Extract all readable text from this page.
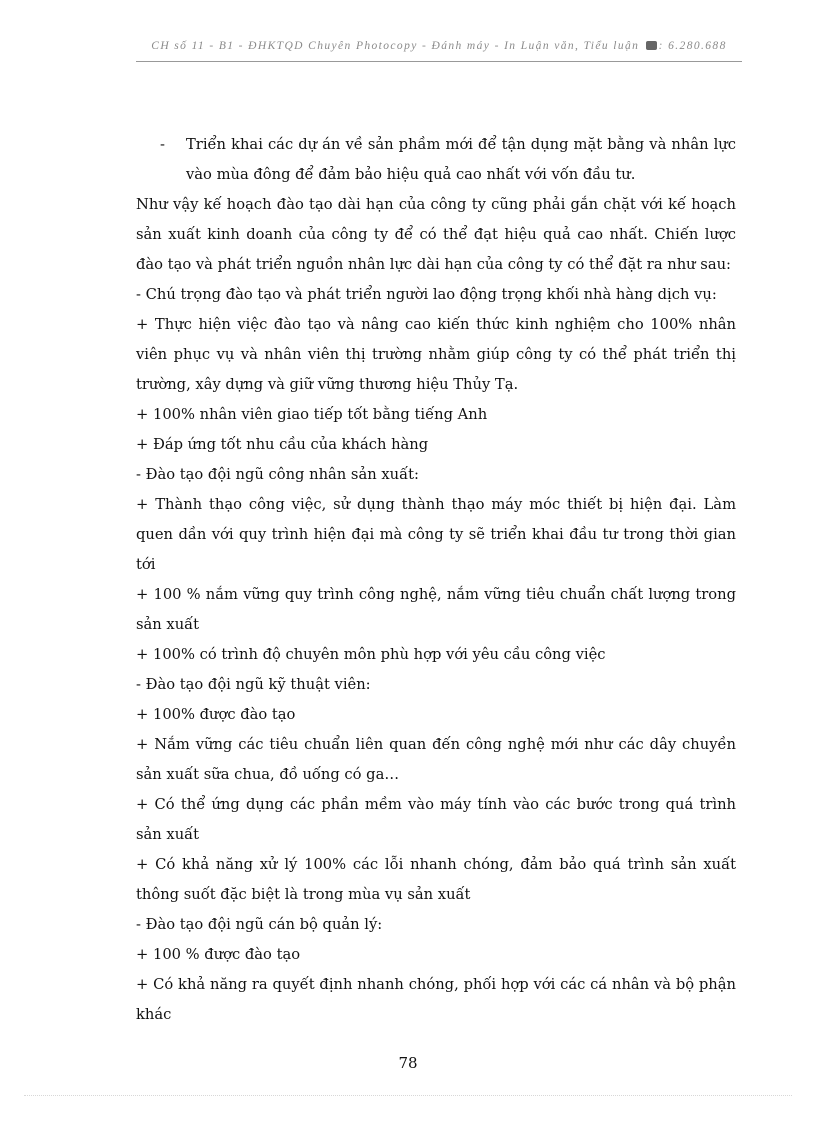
CH số 11 - B1 - ĐHKTQD Chuyên Photocopy - Đánh máy - In Luận văn, Tiểu luận : 6.280.688
-	Triển khai các dự án về sản phầm mới để tận dụng mặt bằng và nhân lực vào mùa đông để đảm bảo hiệu quả cao nhất với vốn đầu tư.

Như vậy kế hoạch đào tạo dài hạn của công ty cũng phải gắn chặt với kế hoạch sản xuất kinh doanh của công ty để có thể đạt hiệu quả cao nhất. Chiến lược đào tạo và phát triển nguồn nhân lực dài hạn của công ty có thể đặt ra như sau:

- Chú trọng đào tạo và phát triển người lao động trọng khối nhà hàng dịch vụ:

+ Thực hiện việc đào tạo và nâng cao kiến thức kinh nghiệm cho 100% nhân viên phục vụ và nhân viên thị trường nhằm giúp công ty có thể phát triển thị trường, xây dựng và giữ vững thương hiệu Thủy Tạ.

+ 100% nhân viên giao tiếp tốt bằng tiếng Anh

+ Đáp ứng tốt nhu cầu của khách hàng

- Đào tạo đội ngũ công nhân sản xuất:

+ Thành thạo công việc, sử dụng thành thạo máy móc thiết bị hiện đại. Làm quen dần với quy trình hiện đại mà công ty sẽ triển khai đầu tư trong thời gian tới

+ 100 % nắm vững quy trình công nghệ, nắm vững tiêu chuẩn chất lượng trong sản xuất

+ 100% có trình độ chuyên môn phù hợp với yêu cầu công việc

- Đào tạo đội ngũ kỹ thuật viên:

+ 100% được đào tạo

+ Nắm vững các tiêu chuẩn liên quan đến công nghệ mới như các dây chuyền sản xuất sữa chua, đồ uống có ga…

+ Có thể ứng dụng các phần mềm vào máy tính vào các bước trong quá trình sản xuất

+ Có khả năng xử lý 100% các lỗi nhanh chóng, đảm bảo quá trình sản xuất thông suốt đặc biệt là trong mùa vụ sản xuất

- Đào tạo đội ngũ cán bộ quản lý:

+ 100 % được đào tạo

+ Có khả năng ra quyết định nhanh chóng, phối hợp với các cá nhân và bộ phận khác

78
